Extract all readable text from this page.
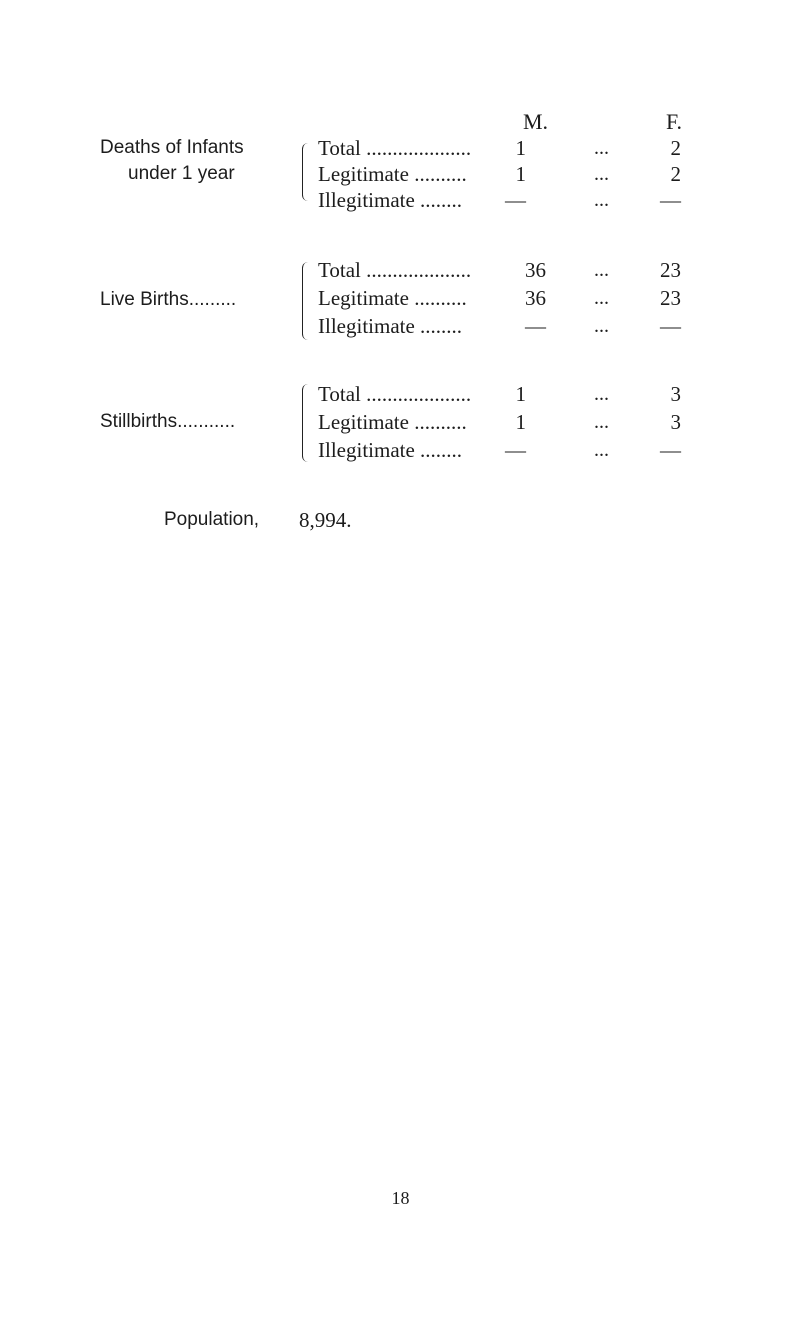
M.	F.
Deaths of Infants
under 1 year
Total ....................	1	...	2
Legitimate ..........	1	...	2
Illegitimate ........	—	...	—
Live Births.........
Total ....................	36 ...	23
Legitimate ..........	36 ...	23
Illegitimate ........	— ...	—
Stillbirths...........
Total ....................	1	...	3
Legitimate ..........	1	...	3
Illegitimate ........	—	...	—
Population, 8,994.
18
